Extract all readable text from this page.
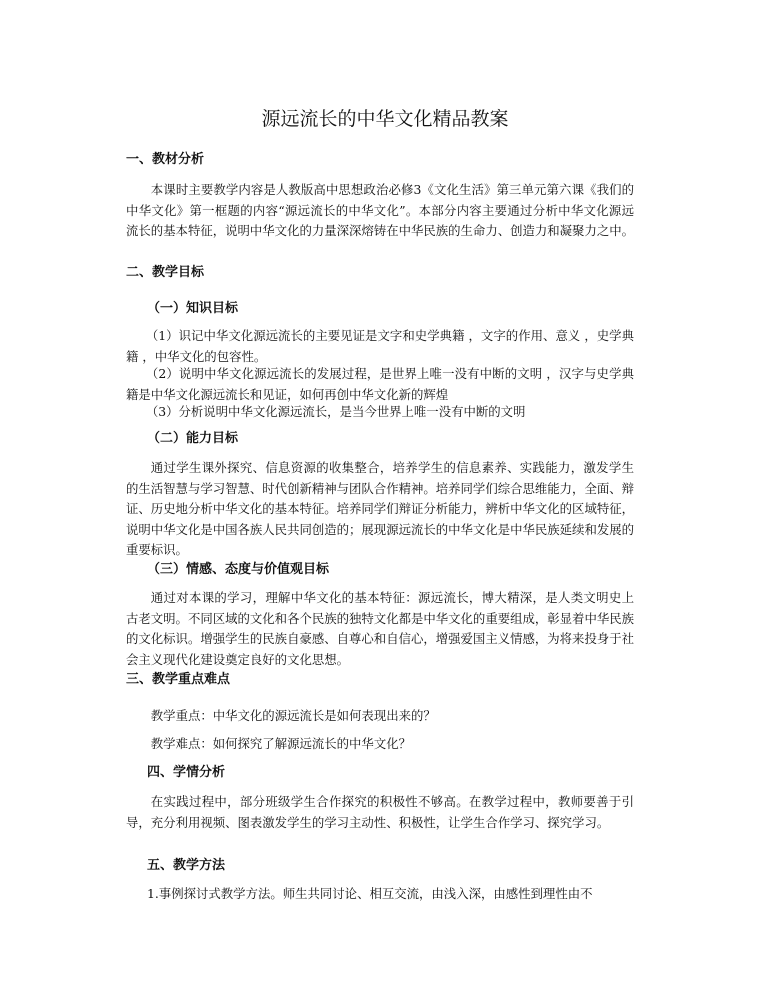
源远流长的中华文化精品教案
一、教材分析

本课时主要教学内容是人教版高中思想政治必修3《文化生活》第三单元第六课《我们的中华文化》第一框题的内容“源远流长的中华文化”。本部分内容主要通过分析中华文化源远流长的基本特征，说明中华文化的力量深深熔铸在中华民族的生命力、创造力和凝聚力之中。

二、教学目标
（一）知识目标

（1）识记中华文化源远流长的主要见证是文字和史学典籍 ，文字的作用、意义 ，史学典籍 ，中华文化的包容性。

（2）说明中华文化源远流长的发展过程，是世界上唯一没有中断的文明 ，汉字与史学典籍是中华文化源远流长和见证，如何再创中华文化新的辉煌

（3）分析说明中华文化源远流长，是当今世界上唯一没有中断的文明

（二）能力目标

通过学生课外探究、信息资源的收集整合，培养学生的信息素养、实践能力，激发学生的生活智慧与学习智慧、时代创新精神与团队合作精神。培养同学们综合思维能力，全面、辩证、历史地分析中华文化的基本特征。培养同学们辩证分析能力，辨析中华文化的区域特征，说明中华文化是中国各族人民共同创造的；展现源远流长的中华文化是中华民族延续和发展的重要标识。

（三）情感、态度与价值观目标

通过对本课的学习，理解中华文化的基本特征：源远流长，博大精深，是人类文明史上古老文明。不同区域的文化和各个民族的独特文化都是中华文化的重要组成，彰显着中华民族的文化标识。增强学生的民族自豪感、自尊心和自信心，增强爱国主义情感，为将来投身于社会主义现代化建设奠定良好的文化思想。

三、教学重点难点

教学重点：中华文化的源远流长是如何表现出来的？

教学难点：如何探究了解源远流长的中华文化？

四、学情分析

在实践过程中，部分班级学生合作探究的积极性不够高。在教学过程中，教师要善于引导，充分利用视频、图表激发学生的学习主动性、积极性，让学生合作学习、探究学习。

五、教学方法

1.事例探讨式教学方法。师生共同讨论、相互交流，由浅入深，由感性到理性由不
